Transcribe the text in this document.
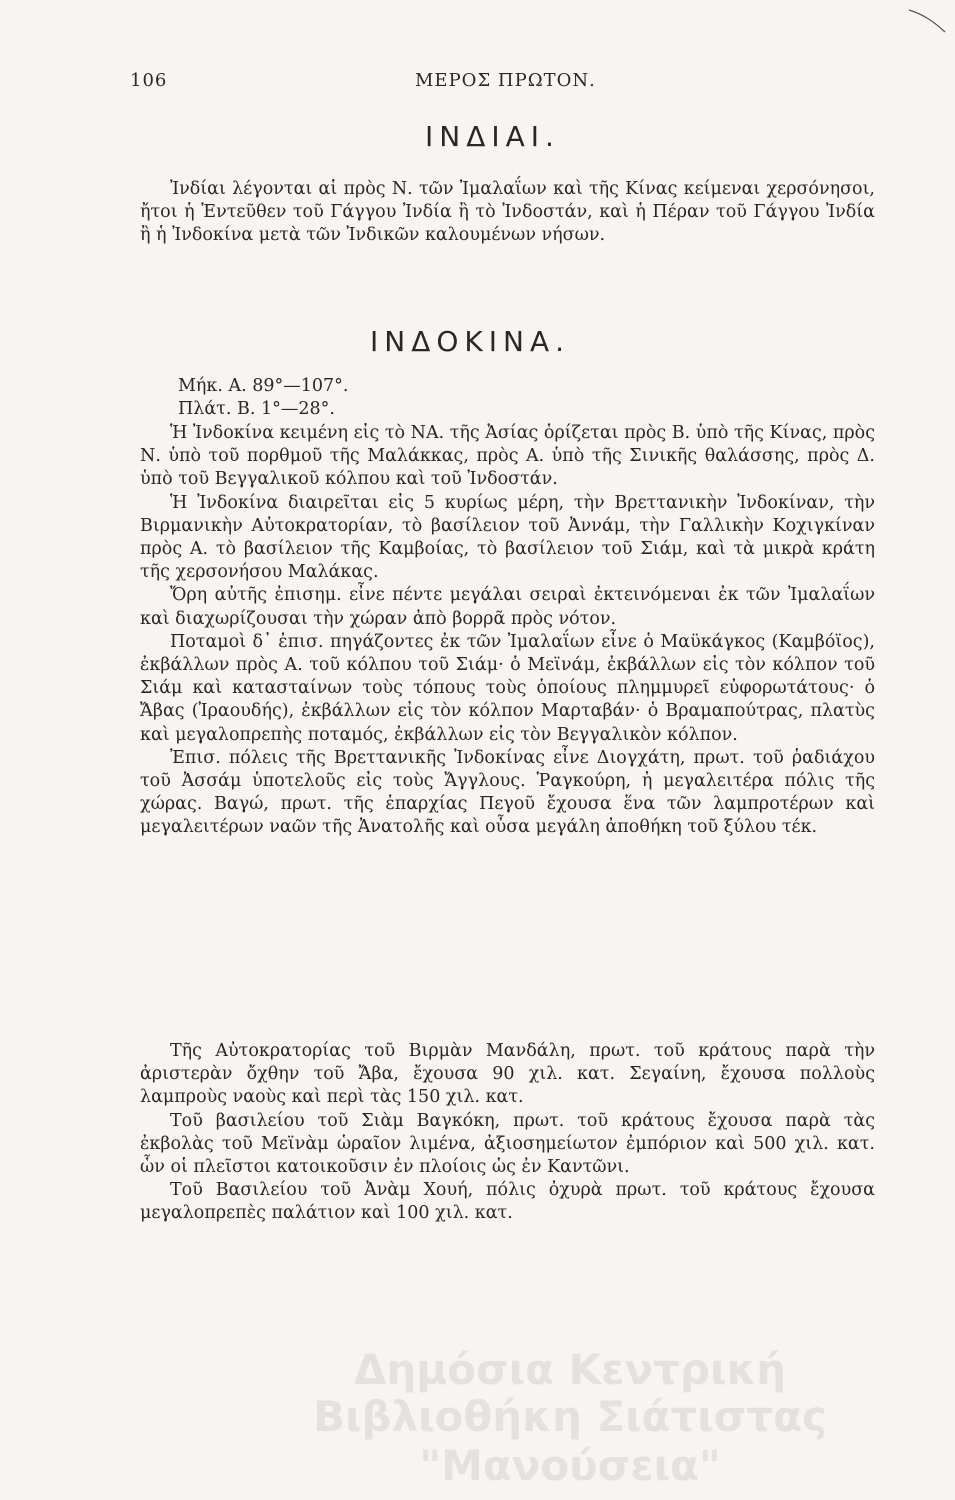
106	ΜΕΡΟΣ ΠΡΩΤΟΝ.
ΙΝΔΙΑΙ.

Ἰνδίαι λέγονται αἱ πρὸς Ν. τῶν Ἰμαλαΐων καὶ τῆς Κίνας κείμεναι χερσόνησοι, ἤτοι ἡ Ἐντεῦθεν τοῦ Γάγγου Ἰνδία ἢ τὸ Ἰνδοστάν, καὶ ἡ Πέραν τοῦ Γάγγου Ἰνδία ἢ ἡ Ἰνδοκίνα μετὰ τῶν Ἰνδικῶν καλουμένων νήσων.

ΙΝΔΟΚΙΝΑ.
Μήκ. Α. 89°—107°.
Πλάτ. Β. 1°—28°.

Ἡ Ἰνδοκίνα κειμένη εἰς τὸ ΝΑ. τῆς Ἀσίας ὁρίζεται πρὸς Β. ὑπὸ τῆς Κίνας, πρὸς Ν. ὑπὸ τοῦ πορθμοῦ τῆς Μαλάκκας, πρὸς Α. ὑπὸ τῆς Σινικῆς θαλάσσης, πρὸς Δ. ὑπὸ τοῦ Βεγγαλικοῦ κόλπου καὶ τοῦ Ἰνδοστάν.

Ἡ Ἰνδοκίνα διαιρεῖται εἰς 5 κυρίως μέρη, τὴν Βρεττανικὴν Ἰνδοκίναν, τὴν Βιρμανικὴν Αὐτοκρατορίαν, τὸ βασίλειον τοῦ Ἀννάμ, τὴν Γαλλικὴν Κοχιγκίναν πρὸς Α. τὸ βασίλειον τῆς Καμβοίας, τὸ βασίλειον τοῦ Σιάμ, καὶ τὰ μικρὰ κράτη τῆς χερσονήσου Μαλάκας.

Ὄρη αὐτῆς ἐπισημ. εἶνε πέντε μεγάλαι σειραὶ ἐκτεινόμεναι ἐκ τῶν Ἰμαλαΐων καὶ διαχωρίζουσαι τὴν χώραν ἀπὸ βορρᾶ πρὸς νότον.

Ποταμοὶ δ᾽ ἐπισ. πηγάζοντες ἐκ τῶν Ἰμαλαΐων εἶνε ὁ Μαϋκάγκος (Καμβόϊος), ἐκβάλλων πρὸς Α. τοῦ κόλπου τοῦ Σιάμ· ὁ Μεϊνάμ, ἐκβάλλων εἰς τὸν κόλπον τοῦ Σιάμ καὶ κατασταίνων τοὺς τόπους τοὺς ὁποίους πλημμυρεῖ εὐφορωτάτους· ὁ Ἄβας (Ἰραουδής), ἐκβάλλων εἰς τὸν κόλπον Μαρταβάν· ὁ Βραμαπούτρας, πλατὺς καὶ μεγαλοπρεπὴς ποταμός, ἐκβάλλων εἰς τὸν Βεγγαλικὸν κόλπον.

Ἐπισ. πόλεις τῆς Βρεττανικῆς Ἰνδοκίνας εἶνε Διογχάτη, πρωτ. τοῦ ῥαδιάχου τοῦ Ἀσσάμ ὑποτελοῦς εἰς τοὺς Ἄγγλους. Ῥαγκούρη, ἡ μεγαλειτέρα πόλις τῆς χώρας. Βαγώ, πρωτ. τῆς ἐπαρχίας Πεγοῦ ἔχουσα ἕνα τῶν λαμπροτέρων καὶ μεγαλειτέρων ναῶν τῆς Ἀνατολῆς καὶ οὖσα μεγάλη ἀποθήκη τοῦ ξύλου τέκ.

Τῆς Αὐτοκρατορίας τοῦ Βιρμὰν Μανδάλη, πρωτ. τοῦ κράτους παρὰ τὴν ἀριστερὰν ὄχθην τοῦ Ἄβα, ἔχουσα 90 χιλ. κατ. Σεγαίνη, ἔχουσα πολλοὺς λαμπροὺς ναοὺς καὶ περὶ τὰς 150 χιλ. κατ.

Τοῦ βασιλείου τοῦ Σιὰμ Βαγκόκη, πρωτ. τοῦ κράτους ἔχουσα παρὰ τὰς ἐκβολὰς τοῦ Μεϊνὰμ ὡραῖον λιμένα, ἀξιοσημείωτον ἐμπόριον καὶ 500 χιλ. κατ. ὧν οἱ πλεῖστοι κατοικοῦσιν ἐν πλοίοις ὡς ἐν Καντῶνι.

Τοῦ Βασιλείου τοῦ Ἀνὰμ Χουή, πόλις ὀχυρὰ πρωτ. τοῦ κράτους ἔχουσα μεγαλοπρεπὲς παλάτιον καὶ 100 χιλ. κατ.

Δημόσια Κεντρική
Βιβλιοθήκη Σιάτιστας "Μανούσεια"
